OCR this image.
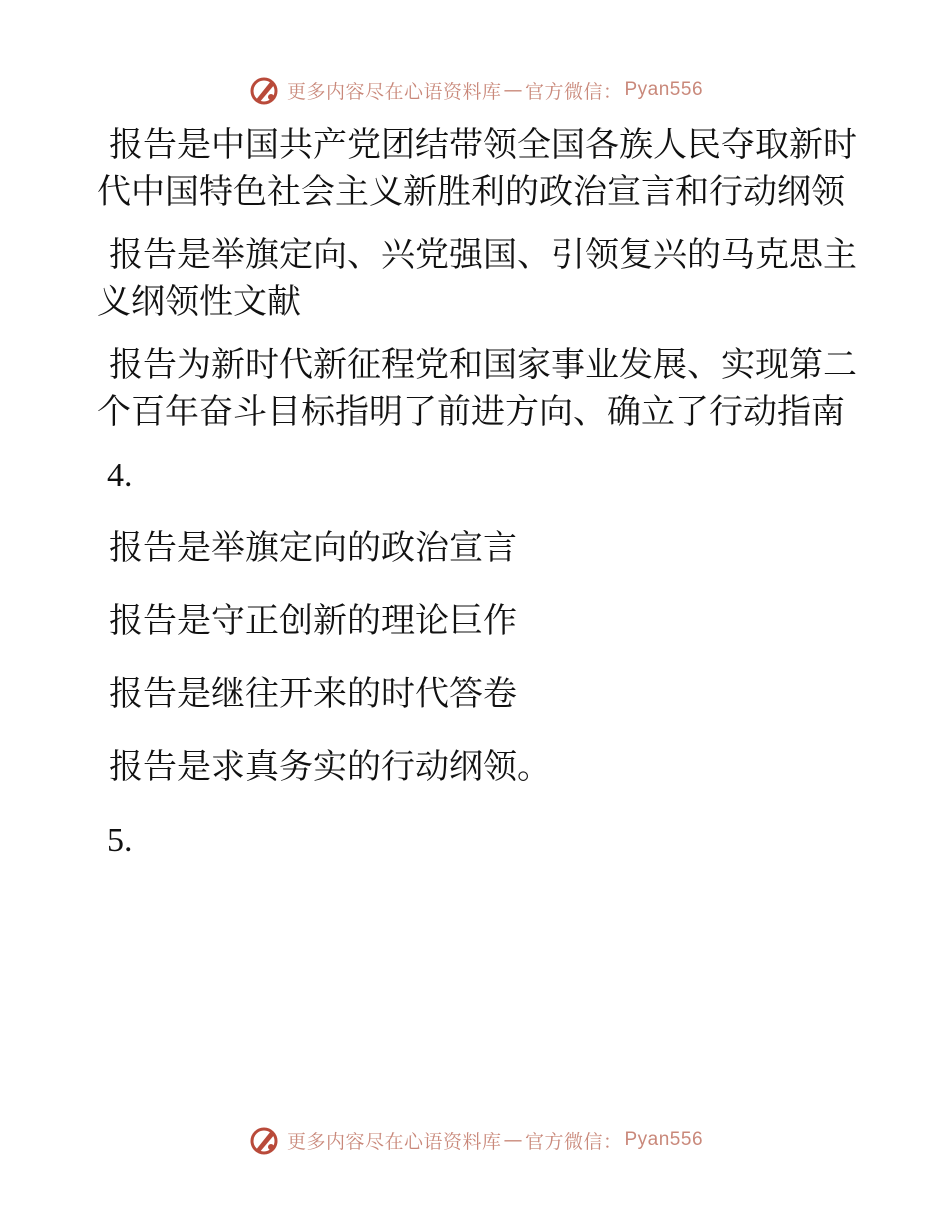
更多内容尽在心语资料库 — 官方微信： Pyan556

报告是中国共产党团结带领全国各族人民夺取新时代中国特色社会主义新胜利的政治宣言和行动纲领

报告是举旗定向、兴党强国、引领复兴的马克思主义纲领性文献

报告为新时代新征程党和国家事业发展、实现第二个百年奋斗目标指明了前进方向、确立了行动指南

4.

报告是举旗定向的政治宣言

报告是守正创新的理论巨作

报告是继往开来的时代答卷

报告是求真务实的行动纲领。

5.

更多内容尽在心语资料库 — 官方微信： Pyan556
